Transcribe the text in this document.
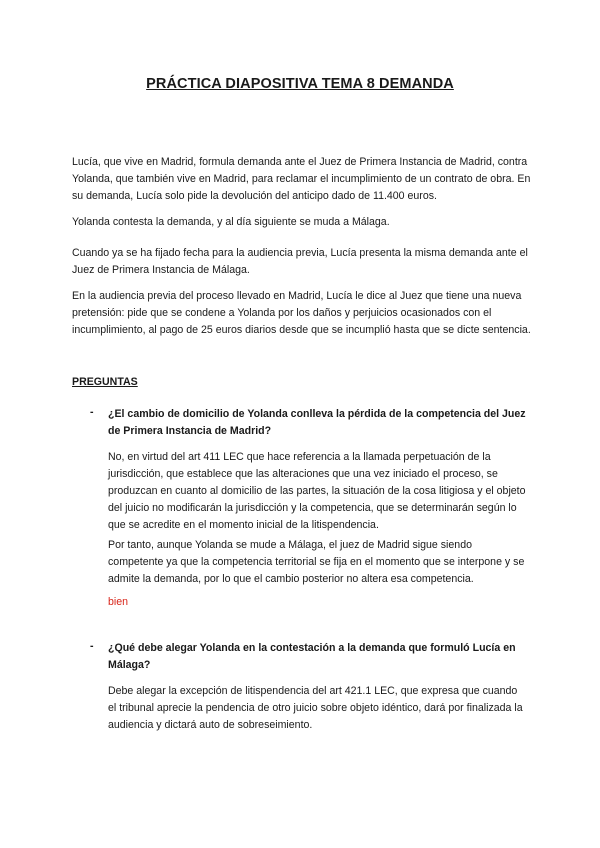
PRÁCTICA DIAPOSITIVA TEMA 8 DEMANDA

Lucía, que vive en Madrid, formula demanda ante el Juez de Primera Instancia de Madrid, contra Yolanda, que también vive en Madrid, para reclamar el incumplimiento de un contrato de obra. En su demanda, Lucía solo pide la devolución del anticipo dado de 11.400 euros.

Yolanda contesta la demanda, y al día siguiente se muda a Málaga.

Cuando ya se ha fijado fecha para la audiencia previa, Lucía presenta la misma demanda ante el Juez de Primera Instancia de Málaga.

En la audiencia previa del proceso llevado en Madrid, Lucía le dice al Juez que tiene una nueva pretensión: pide que se condene a Yolanda por los daños y perjuicios ocasionados con el incumplimiento, al pago de 25 euros diarios desde que se incumplió hasta que se dicte sentencia.

PREGUNTAS
- ¿El cambio de domicilio de Yolanda conlleva la pérdida de la competencia del Juez de Primera Instancia de Madrid?

No, en virtud del art 411 LEC que hace referencia a la llamada perpetuación de la jurisdicción, que establece que las alteraciones que una vez iniciado el proceso, se produzcan en cuanto al domicilio de las partes, la situación de la cosa litigiosa y el objeto del juicio no modificarán la jurisdicción y la competencia, que se determinarán según lo que se acredite en el momento inicial de la litispendencia.

Por tanto, aunque Yolanda se mude a Málaga, el juez de Madrid sigue siendo competente ya que la competencia territorial se fija en el momento que se interpone y se admite la demanda, por lo que el cambio posterior no altera esa competencia.

bien
- ¿Qué debe alegar Yolanda en la contestación a la demanda que formuló Lucía en Málaga?

Debe alegar la excepción de litispendencia del art 421.1 LEC, que expresa que cuando el tribunal aprecie la pendencia de otro juicio sobre objeto idéntico, dará por finalizada la audiencia y dictará auto de sobreseimiento.
